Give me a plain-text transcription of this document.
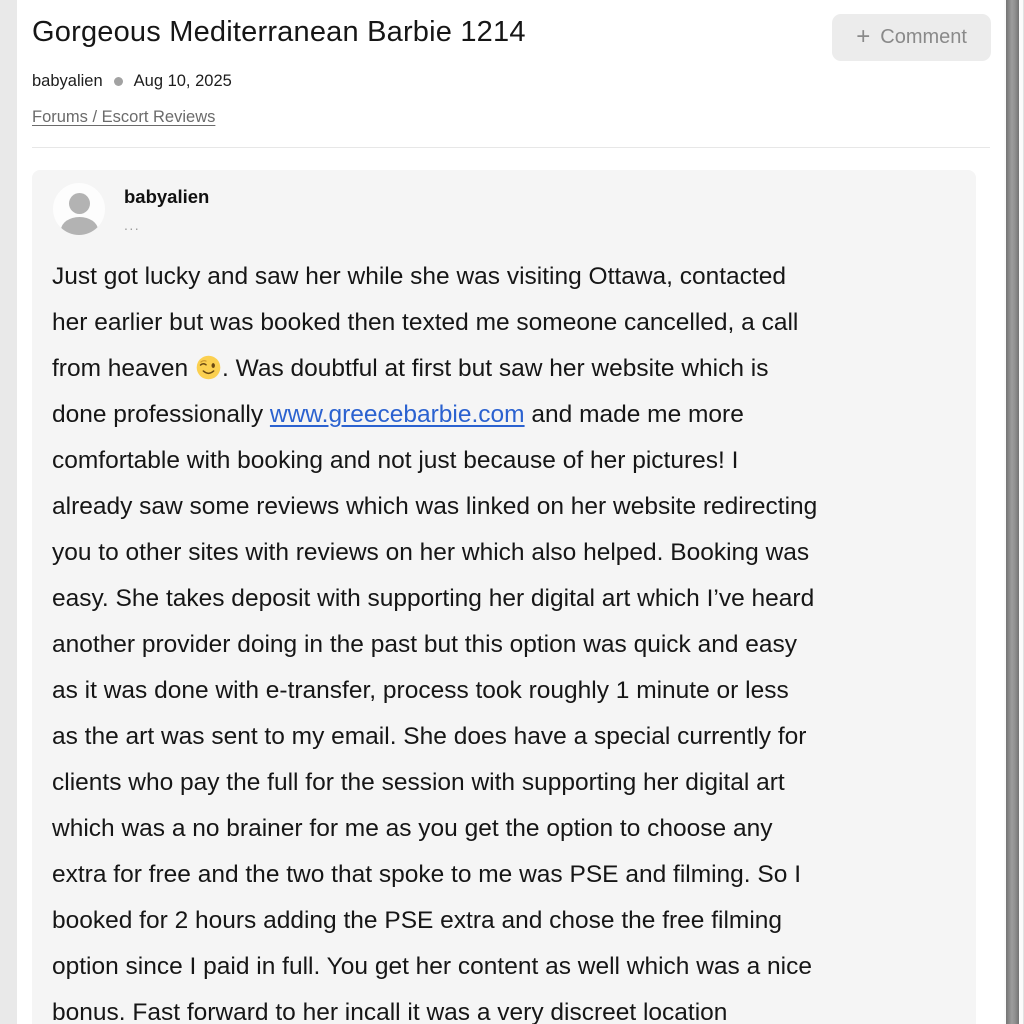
Gorgeous Mediterranean Barbie 1214	+ Comment
babyalien Aug 10, 2025
Forums / Escort Reviews
babyalien
...
Just got lucky and saw her while she was visiting Ottawa, contacted
her earlier but was booked then texted me someone cancelled, a call
from heaven . Was doubtful at first but saw her website which is
done professionally www.greecebarbie.com and made me more
comfortable with booking and not just because of her pictures! I
already saw some reviews which was linked on her website redirecting
you to other sites with reviews on her which also helped. Booking was
easy. She takes deposit with supporting her digital art which I’ve heard
another provider doing in the past but this option was quick and easy
as it was done with e-transfer, process took roughly 1 minute or less
as the art was sent to my email. She does have a special currently for
clients who pay the full for the session with supporting her digital art
which was a no brainer for me as you get the option to choose any
extra for free and the two that spoke to me was PSE and filming. So I
booked for 2 hours adding the PSE extra and chose the free filming
option since I paid in full. You get her content as well which was a nice
bonus. Fast forward to her incall it was a very discreet location
